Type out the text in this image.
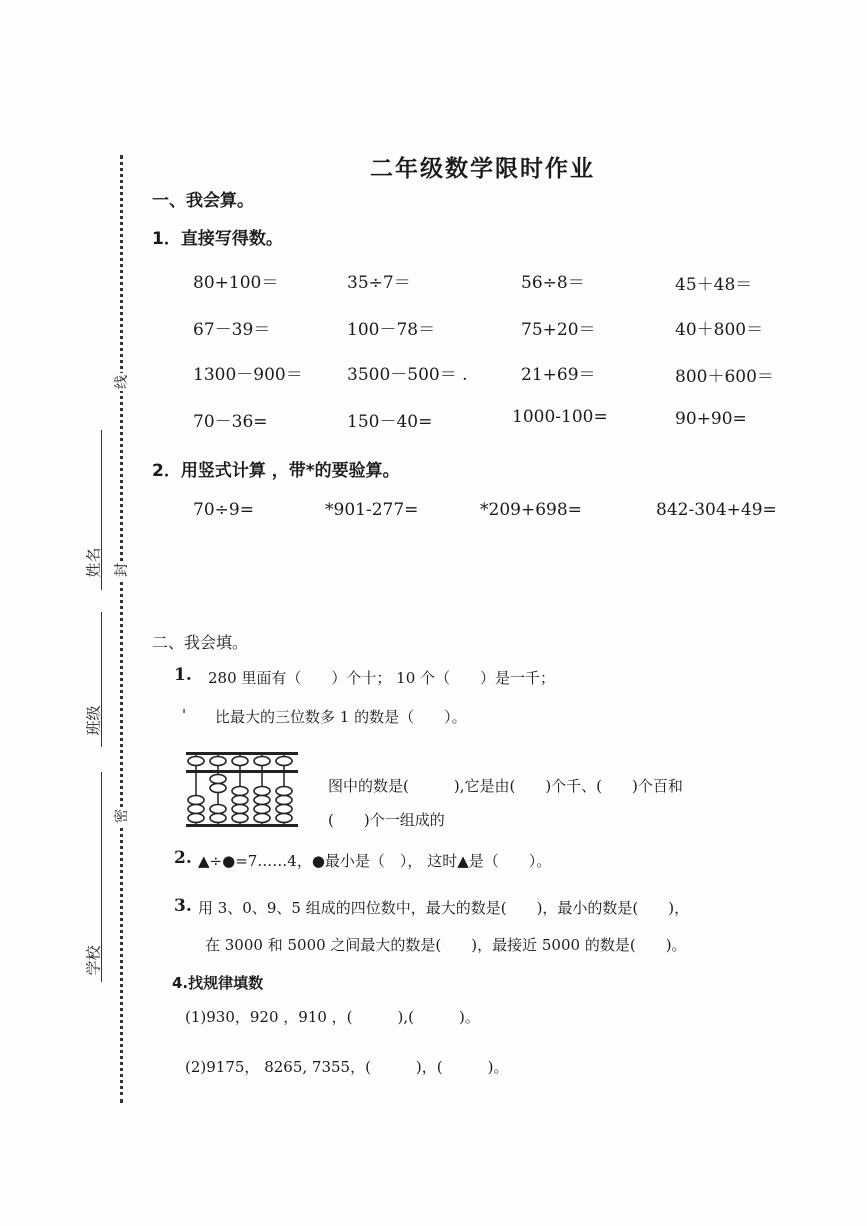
线
封
密
姓名
班级
学校
二年级数学限时作业
一、我会算。
1．直接写得数。
80+100＝	35÷7＝	56÷8＝	45＋48＝
67－39＝	100－78＝	75+20＝	40＋800＝
1300－900＝	3500－500＝ .	21+69＝	800＋600＝
70－36=	150－40=	1000-100=	90+90=
2．用竖式计算 ，带*的要验算。
70÷9=	*901-277=	*209+698=	842-304+49=
二、我会填。
1. 280 里面有（　　）个十； 10 个（　　）是一千；
' 比最大的三位数多 1 的数是（　　）。
图中的数是(　　　),它是由(　　)个千、(　　)个百和
(　　)个一组成的
2. ▲÷●=7……4，●最小是（　）， 这时▲是（　　）。
3. 用 3、0、9、5 组成的四位数中，最大的数是(　　)，最小的数是(　　)，
在 3000 和 5000 之间最大的数是(　　)，最接近 5000 的数是(　　)。
4.找规律填数
(1)930，920 ，910 ，(　　　),(　　　)。
(2)9175， 8265, 7355，(　　　)，(　　　)。
